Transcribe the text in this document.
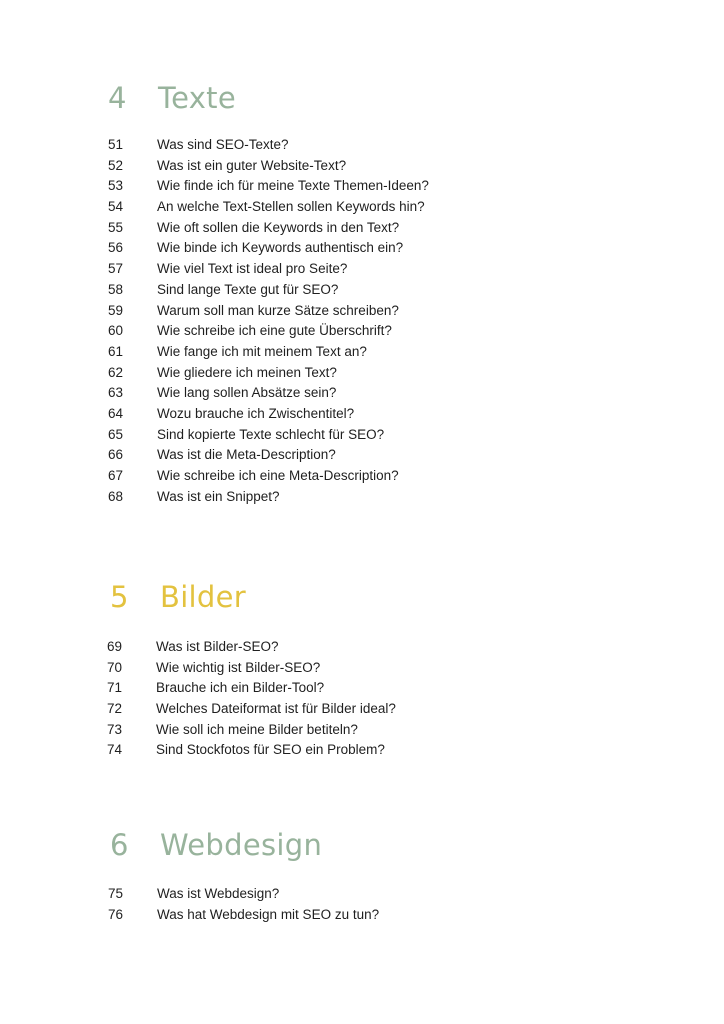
4 Texte
51	Was sind SEO-Texte?
52	Was ist ein guter Website-Text?
53	Wie finde ich für meine Texte Themen-Ideen?
54	An welche Text-Stellen sollen Keywords hin?
55	Wie oft sollen die Keywords in den Text?
56	Wie binde ich Keywords authentisch ein?
57	Wie viel Text ist ideal pro Seite?
58	Sind lange Texte gut für SEO?
59	Warum soll man kurze Sätze schreiben?
60	Wie schreibe ich eine gute Überschrift?
61	Wie fange ich mit meinem Text an?
62	Wie gliedere ich meinen Text?
63	Wie lang sollen Absätze sein?
64	Wozu brauche ich Zwischentitel?
65	Sind kopierte Texte schlecht für SEO?
66	Was ist die Meta-Description?
67	Wie schreibe ich eine Meta-Description?
68	Was ist ein Snippet?
5 Bilder
69	Was ist Bilder-SEO?
70	Wie wichtig ist Bilder-SEO?
71	Brauche ich ein Bilder-Tool?
72	Welches Dateiformat ist für Bilder ideal?
73	Wie soll ich meine Bilder betiteln?
74	Sind Stockfotos für SEO ein Problem?
6 Webdesign
75	Was ist Webdesign?
76	Was hat Webdesign mit SEO zu tun?
